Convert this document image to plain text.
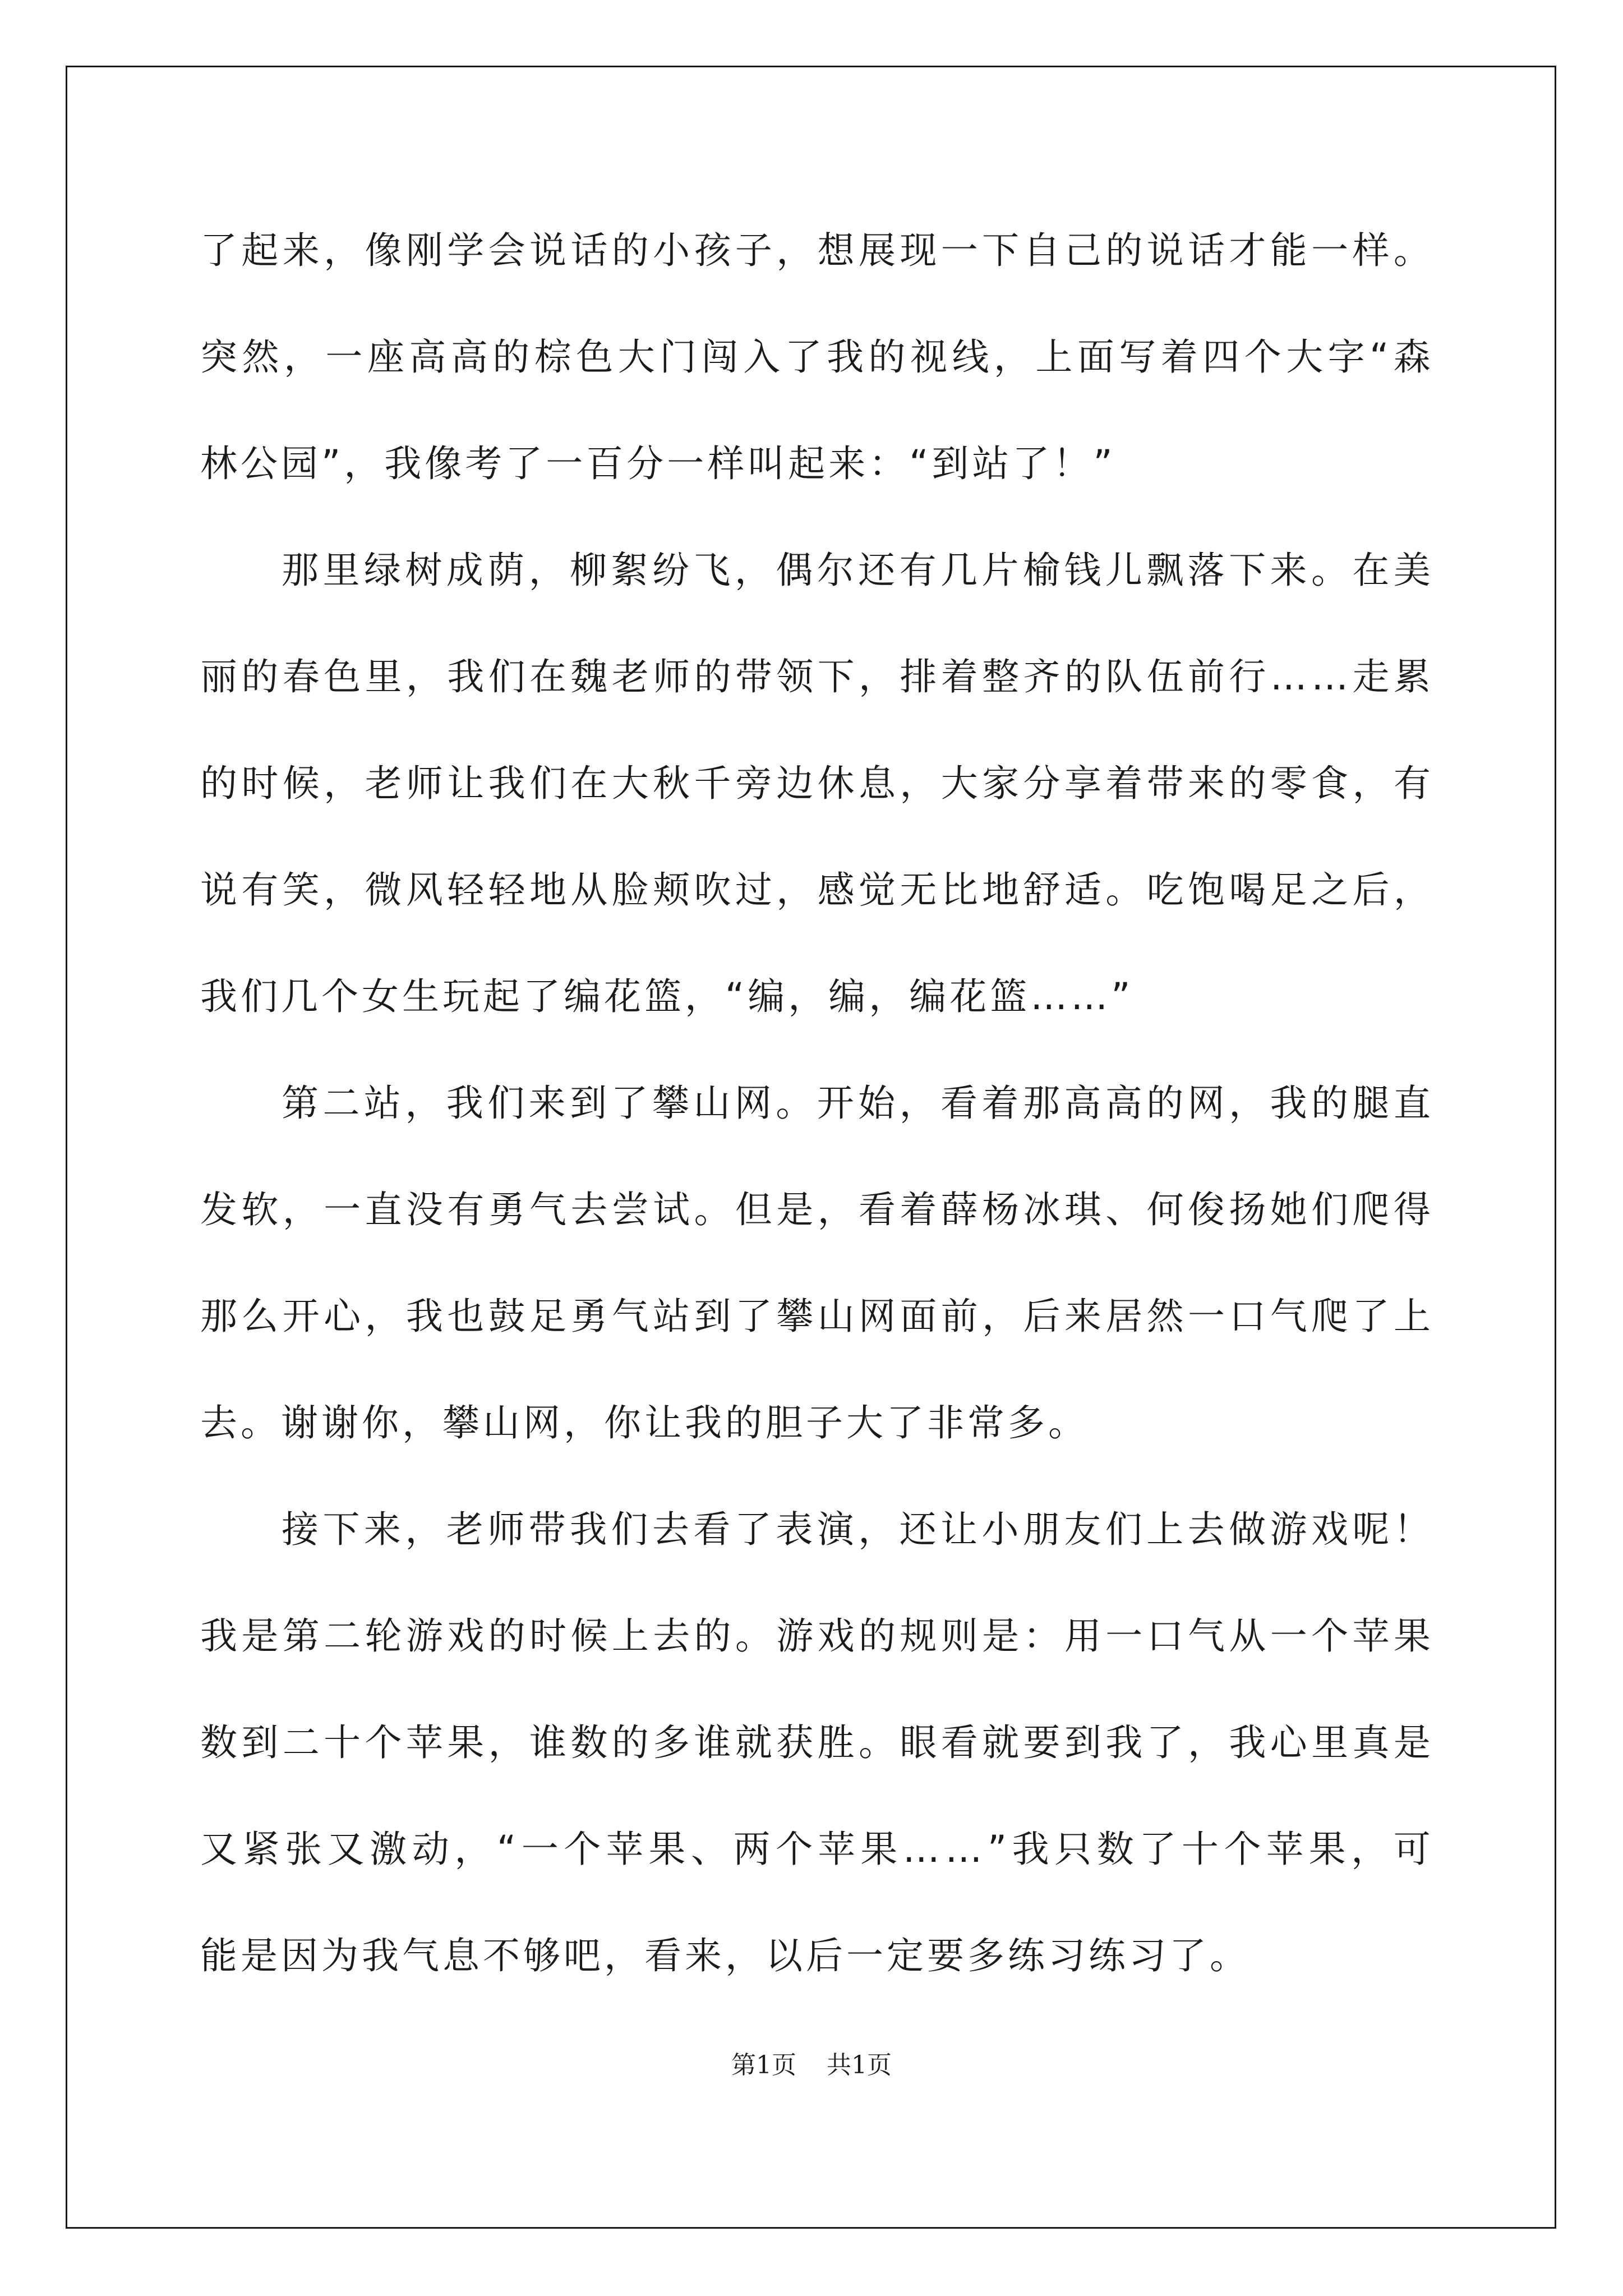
了 起 来 ， 像 刚 学 会 说 话 的 小 孩 子 ， 想 展 现 一 下 自 己 的 说 话 才 能 一 样 。
突 然 ， 一 座 高 高 的 棕 色 大 门 闯 入 了 我 的 视 线 ， 上 面 写 着 四 个 大 字 “ 森
林公园”，我像考了一百分一样叫起来：“到站了！”
那 里 绿 树 成 荫 ， 柳 絮 纷 飞 ， 偶 尔 还 有 几 片 榆 钱 儿 飘 落 下 来 。 在 美
丽 的 春 色 里 ， 我 们 在 魏 老 师 的 带 领 下 ， 排 着 整 齐 的 队 伍 前 行 … … 走 累
的 时 候 ， 老 师 让 我 们 在 大 秋 千 旁 边 休 息 ， 大 家 分 享 着 带 来 的 零 食 ， 有
说 有 笑 ， 微 风 轻 轻 地 从 脸 颊 吹 过 ， 感 觉 无 比 地 舒 适 。 吃 饱 喝 足 之 后 ，
我们几个女生玩起了编花篮，“编，编，编花篮……”
第 二 站 ， 我 们 来 到 了 攀 山 网 。 开 始 ， 看 着 那 高 高 的 网 ， 我 的 腿 直
发 软 ， 一 直 没 有 勇 气 去 尝 试 。 但 是 ， 看 着 薛 杨 冰 琪 、 何 俊 扬 她 们 爬 得
那 么 开 心 ， 我 也 鼓 足 勇 气 站 到 了 攀 山 网 面 前 ， 后 来 居 然 一 口 气 爬 了 上
去。谢谢你，攀山网，你让我的胆子大了非常多。
接 下 来 ， 老 师 带 我 们 去 看 了 表 演 ， 还 让 小 朋 友 们 上 去 做 游 戏 呢 ！
我 是 第 二 轮 游 戏 的 时 候 上 去 的 。 游 戏 的 规 则 是 ： 用 一 口 气 从 一 个 苹 果
数 到 二 十 个 苹 果 ， 谁 数 的 多 谁 就 获 胜 。 眼 看 就 要 到 我 了 ， 我 心 里 真 是
又 紧 张 又 激 动 ， “ 一 个 苹 果 、 两 个 苹 果 … … ” 我 只 数 了 十 个 苹 果 ， 可
能是因为我气息不够吧，看来，以后一定要多练习练习了。
第1页 共1页
